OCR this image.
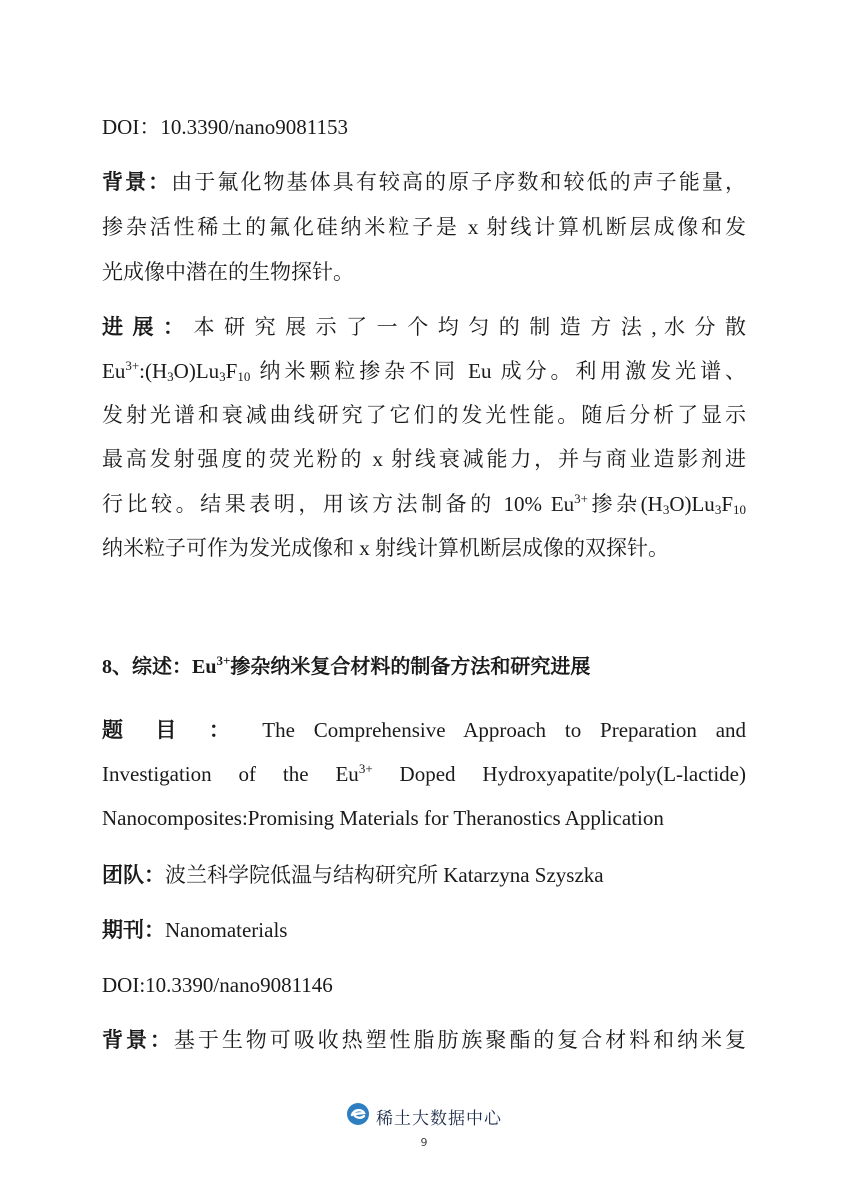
DOI：10.3390/nano9081153
背景：由于氟化物基体具有较高的原子序数和较低的声子能量，
掺杂活性稀土的氟化硅纳米粒子是 x 射线计算机断层成像和发
光成像中潜在的生物探针。
进 展 ： 本 研 究 展 示 了 一 个 均 匀 的 制 造 方 法 , 水 分 散
$Eu^{3+}:(H_3O)Lu_3F_{10}$ 纳米颗粒掺杂不同 Eu 成分。利用激发光谱、
发射光谱和衰减曲线研究了它们的发光性能。随后分析了显示
最高发射强度的荧光粉的 x 射线衰减能力，并与商业造影剂进
行比较。结果表明，用该方法制备的 10% $Eu^{3+}$掺杂$(H_3O)Lu_3F_{10}$
纳米粒子可作为发光成像和 x 射线计算机断层成像的双探针。
8、综述：$Eu^{3+}$掺杂纳米复合材料的制备方法和研究进展
题 目 ： The Comprehensive Approach to Preparation and
Investigation of the $Eu^{3+}$ Doped Hydroxyapatite/poly(L-lactide)
Nanocomposites:Promising Materials for Theranostics Application
团队：波兰科学院低温与结构研究所 Katarzyna Szyszka
期刊：Nanomaterials
DOI:10.3390/nano9081146
背景：基于生物可吸收热塑性脂肪族聚酯的复合材料和纳米复
稀土大数据中心
9
